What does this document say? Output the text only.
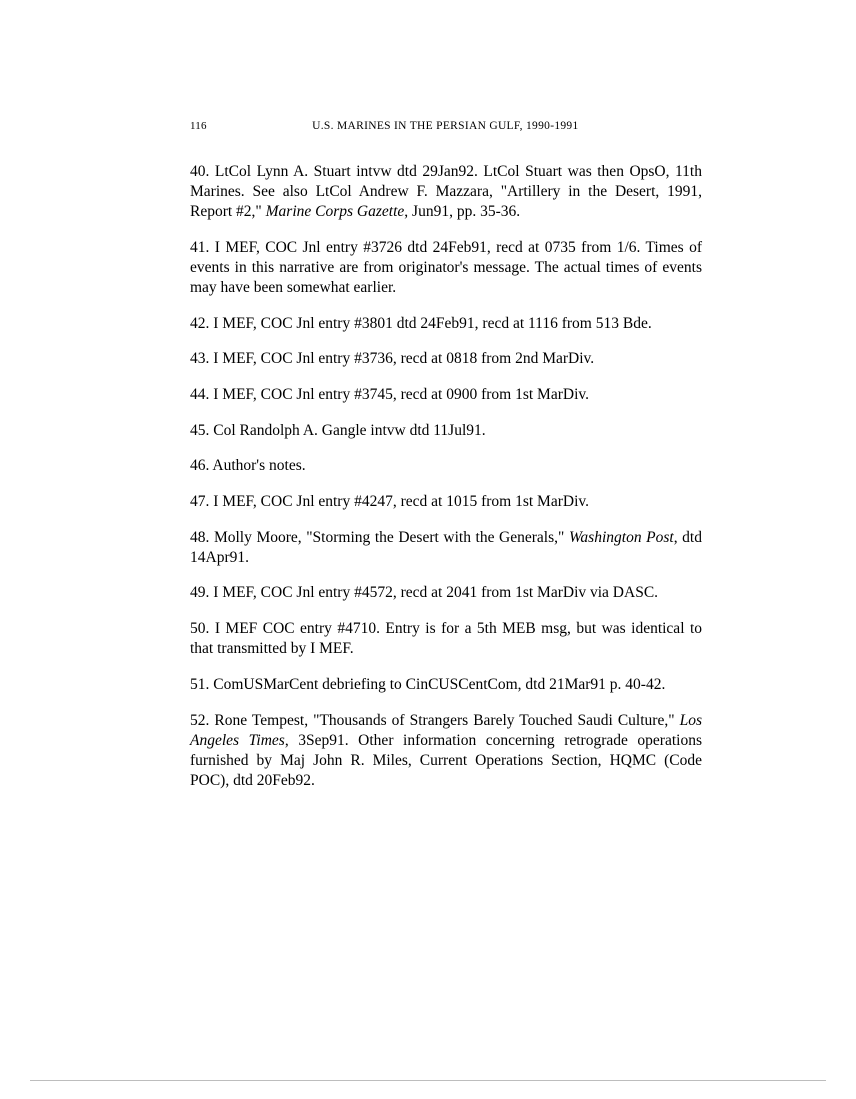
116	U.S. MARINES IN THE PERSIAN GULF, 1990-1991

40. LtCol Lynn A. Stuart intvw dtd 29Jan92. LtCol Stuart was then OpsO, 11th Marines. See also LtCol Andrew F. Mazzara, "Artillery in the Desert, 1991, Report #2," Marine Corps Gazette, Jun91, pp. 35-36.

41. I MEF, COC Jnl entry #3726 dtd 24Feb91, recd at 0735 from 1/6. Times of events in this narrative are from originator's message. The actual times of events may have been somewhat earlier.

42. I MEF, COC Jnl entry #3801 dtd 24Feb91, recd at 1116 from 513 Bde.

43. I MEF, COC Jnl entry #3736, recd at 0818 from 2nd MarDiv.

44. I MEF, COC Jnl entry #3745, recd at 0900 from 1st MarDiv.

45. Col Randolph A. Gangle intvw dtd 11Jul91.

46. Author's notes.

47. I MEF, COC Jnl entry #4247, recd at 1015 from 1st MarDiv.

48. Molly Moore, "Storming the Desert with the Generals," Washington Post, dtd 14Apr91.

49. I MEF, COC Jnl entry #4572, recd at 2041 from 1st MarDiv via DASC.

50. I MEF COC entry #4710. Entry is for a 5th MEB msg, but was identical to that transmitted by I MEF.

51. ComUSMarCent debriefing to CinCUSCentCom, dtd 21Mar91 p. 40-42.

52. Rone Tempest, "Thousands of Strangers Barely Touched Saudi Culture," Los Angeles Times, 3Sep91. Other information concerning retrograde operations furnished by Maj John R. Miles, Current Operations Section, HQMC (Code POC), dtd 20Feb92.
